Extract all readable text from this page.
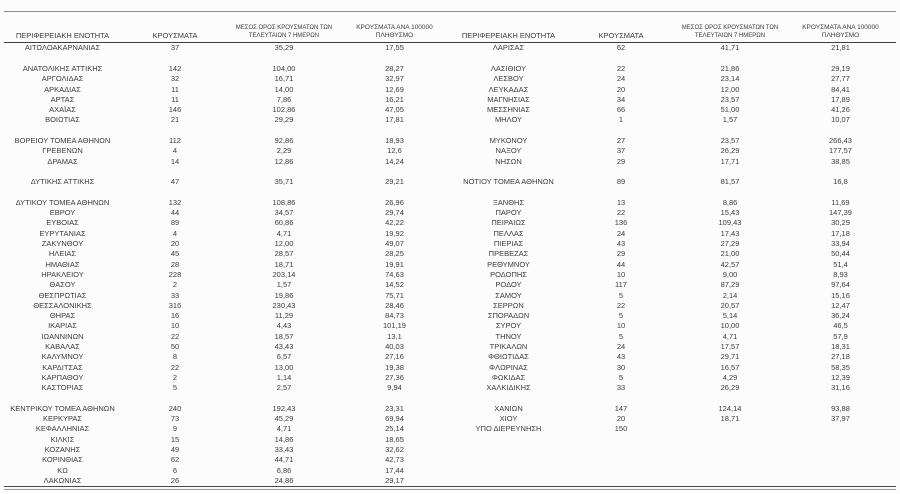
ΠΕΡΙΦΕΡΕΙΑΚΗ ΕΝΟΤΗΤΑ	ΚΡΟΥΣΜΑΤΑ	ΜΕΣΟΣ ΟΡΟΣ ΚΡΟΥΣΜΑΤΩΝ ΤΩΝ
ΤΕΛΕΥΤΑΙΩΝ 7 ΗΜΕΡΩΝ	ΚΡΟΥΣΜΑΤΑ ΑΝΑ 100000
ΠΛΗΘΥΣΜΟ	ΠΕΡΙΦΕΡΕΙΑΚΗ ΕΝΟΤΗΤΑ	ΚΡΟΥΣΜΑΤΑ	ΜΕΣΟΣ ΟΡΟΣ ΚΡΟΥΣΜΑΤΩΝ ΤΩΝ
ΤΕΛΕΥΤΑΙΩΝ 7 ΗΜΕΡΩΝ	ΚΡΟΥΣΜΑΤΑ ΑΝΑ 100000
ΠΛΗΘΥΣΜΟ
ΑΙΤΩΛΟΑΚΑΡΝΑΝΙΑΣ	37	35,29	17,55	ΛΑΡΙΣΑΣ	62	41,71	21,81

ΑΝΑΤΟΛΙΚΗΣ ΑΤΤΙΚΗΣ	142	104,00	28,27	ΛΑΣΙΘΙΟΥ	22	21,86	29,19
ΑΡΓΟΛΙΔΑΣ	32	16,71	32,97	ΛΕΣΒΟΥ	24	23,14	27,77
ΑΡΚΑΔΙΑΣ	11	14,00	12,69	ΛΕΥΚΑΔΑΣ	20	12,00	84,41
ΑΡΤΑΣ	11	7,86	16,21	ΜΑΓΝΗΣΙΑΣ	34	23,57	17,89
ΑΧΑΪΑΣ	146	102,86	47,05	ΜΕΣΣΗΝΙΑΣ	66	51,00	41,26
ΒΟΙΩΤΙΑΣ	21	29,29	17,81	ΜΗΛΟΥ	1	1,57	10,07

ΒΟΡΕΙΟΥ ΤΟΜΕΑ ΑΘΗΝΩΝ	112	92,86	18,93	ΜΥΚΟΝΟΥ	27	23,57	266,43
ΓΡΕΒΕΝΩΝ	4	2,29	12,6	ΝΑΞΟΥ	37	26,29	177,57
ΔΡΑΜΑΣ	14	12,86	14,24	ΝΗΣΩΝ	29	17,71	38,85

ΔΥΤΙΚΗΣ ΑΤΤΙΚΗΣ	47	35,71	29,21	ΝΟΤΙΟΥ ΤΟΜΕΑ ΑΘΗΝΩΝ	89	81,57	16,8

ΔΥΤΙΚΟΥ ΤΟΜΕΑ ΑΘΗΝΩΝ	132	108,86	26,96	ΞΑΝΘΗΣ	13	8,86	11,69
ΕΒΡΟΥ	44	34,57	29,74	ΠΑΡΟΥ	22	15,43	147,39
ΕΥΒΟΙΑΣ	89	60,86	42,22	ΠΕΙΡΑΙΩΣ	136	109,43	30,29
ΕΥΡΥΤΑΝΙΑΣ	4	4,71	19,92	ΠΕΛΛΑΣ	24	17,43	17,18
ΖΑΚΥΝΘΟΥ	20	12,00	49,07	ΠΙΕΡΙΑΣ	43	27,29	33,94
ΗΛΕΙΑΣ	45	28,57	28,25	ΠΡΕΒΕΖΑΣ	29	21,00	50,44
ΗΜΑΘΙΑΣ	28	18,71	19,91	ΡΕΘΥΜΝΟΥ	44	42,57	51,4
ΗΡΑΚΛΕΙΟΥ	228	203,14	74,63	ΡΟΔΟΠΗΣ	10	9,00	8,93
ΘΑΣΟΥ	2	1,57	14,52	ΡΟΔΟΥ	117	87,29	97,64
ΘΕΣΠΡΩΤΙΑΣ	33	19,86	75,71	ΣΑΜΟΥ	5	2,14	15,16
ΘΕΣΣΑΛΟΝΙΚΗΣ	316	230,43	28,46	ΣΕΡΡΩΝ	22	20,57	12,47
ΘΗΡΑΣ	16	11,29	84,73	ΣΠΟΡΑΔΩΝ	5	5,14	36,24
ΙΚΑΡΙΑΣ	10	4,43	101,19	ΣΥΡΟΥ	10	10,00	46,5
ΙΩΑΝΝΙΝΩΝ	22	18,57	13,1	ΤΗΝΟΥ	5	4,71	57,9
ΚΑΒΑΛΑΣ	50	43,43	40,03	ΤΡΙΚΑΛΩΝ	24	17,57	18,31
ΚΑΛΥΜΝΟΥ	8	6,57	27,16	ΦΘΙΩΤΙΔΑΣ	43	29,71	27,18
ΚΑΡΔΙΤΣΑΣ	22	13,00	19,38	ΦΛΩΡΙΝΑΣ	30	16,57	58,35
ΚΑΡΠΑΘΟΥ	2	1,14	27,36	ΦΩΚΙΔΑΣ	5	4,29	12,39
ΚΑΣΤΟΡΙΑΣ	5	2,57	9,94	ΧΑΛΚΙΔΙΚΗΣ	33	26,29	31,16

ΚΕΝΤΡΙΚΟΥ ΤΟΜΕΑ ΑΘΗΝΩΝ	240	192,43	23,31	ΧΑΝΙΩΝ	147	124,14	93,88
ΚΕΡΚΥΡΑΣ	73	45,29	69,94	ΧΙΟΥ	20	18,71	37,97
ΚΕΦΑΛΛΗΝΙΑΣ	9	4,71	25,14	ΥΠΟ ΔΙΕΡΕΥΝΗΣΗ	150		
ΚΙΛΚΙΣ	15	14,86	18,65				
ΚΟΖΑΝΗΣ	49	33,43	32,62				
ΚΟΡΙΝΘΙΑΣ	62	44,71	42,73				
ΚΩ	6	6,86	17,44				
ΛΑΚΩΝΙΑΣ	26	24,86	29,17				
